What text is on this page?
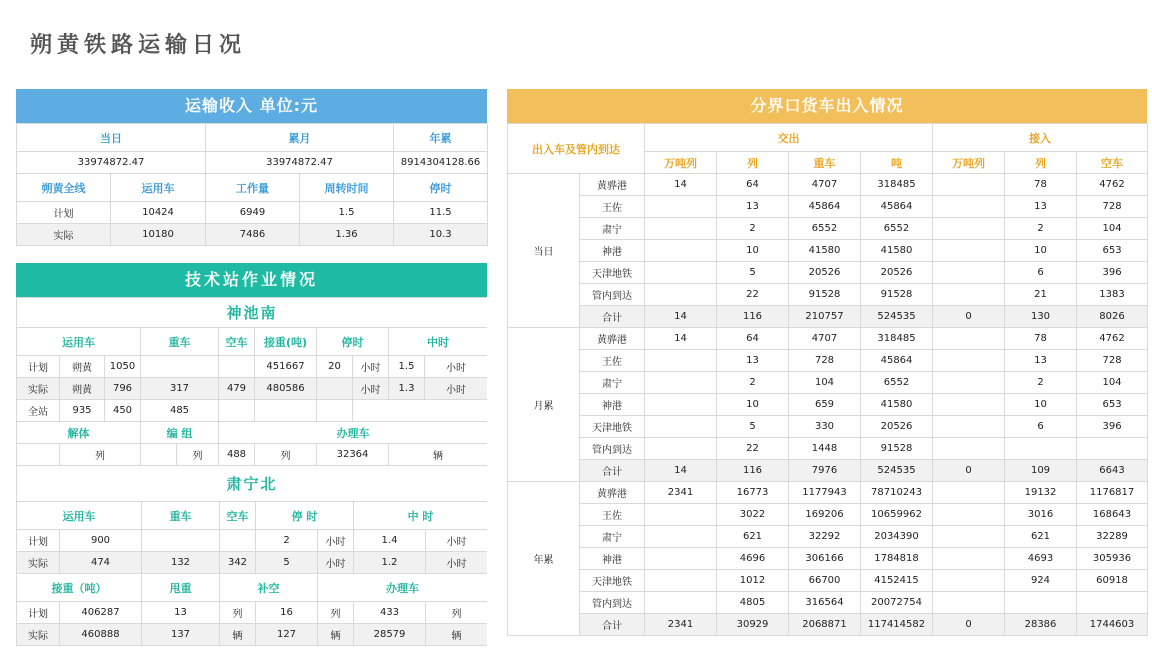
朔黄铁路运输日况
运输收入 单位:元
当日		累月		年累
33974872.47		33974872.47		8914304128.66
朔黄全线	运用车	工作量	周转时间	停时
计划	10424	6949	1.5	11.5
实际	10180	7486	1.36	10.3
技术站作业情况
神池南										
运用车			重车		空车	接重(吨)	停时		中时	
计划	朔黄	1050				451667	20	小时	1.5	小时
实际	朔黄	796	317		479	480586		小时	1.3	小时
全站	935	450	485							
解体			编 组		办理车					
	列			列	488	列	32364		辆	
肃宁北							
运用车		重车	空车	停 时		中 时	
计划	900			2	小时	1.4	小时
实际	474	132	342	5	小时	1.2	小时
接重（吨）		甩重	补空		办理车		
计划	406287	13	列	16	列	433	列
实际	460888	137	辆	127	辆	28579	辆
分界口货车出入情况
出入车及管内到达		交出				接入		
		万吨列	列	重车	吨	万吨列	列	空车
当日	黄骅港	14	64	4707	318485		78	4762
	王佐		13	45864	45864		13	728
	肃宁		2	6552	6552		2	104
	神港		10	41580	41580		10	653
	天津地铁		5	20526	20526		6	396
	管内到达		22	91528	91528		21	1383
	合计	14	116	210757	524535	0	130	8026
月累	黄骅港	14	64	4707	318485		78	4762
	王佐		13	728	45864		13	728
	肃宁		2	104	6552		2	104
	神港		10	659	41580		10	653
	天津地铁		5	330	20526		6	396
	管内到达		22	1448	91528			
	合计	14	116	7976	524535	0	109	6643
年累	黄骅港	2341	16773	1177943	78710243		19132	1176817
	王佐		3022	169206	10659962		3016	168643
	肃宁		621	32292	2034390		621	32289
	神港		4696	306166	1784818		4693	305936
	天津地铁		1012	66700	4152415		924	60918
	管内到达		4805	316564	20072754			
	合计	2341	30929	2068871	117414582	0	28386	1744603
